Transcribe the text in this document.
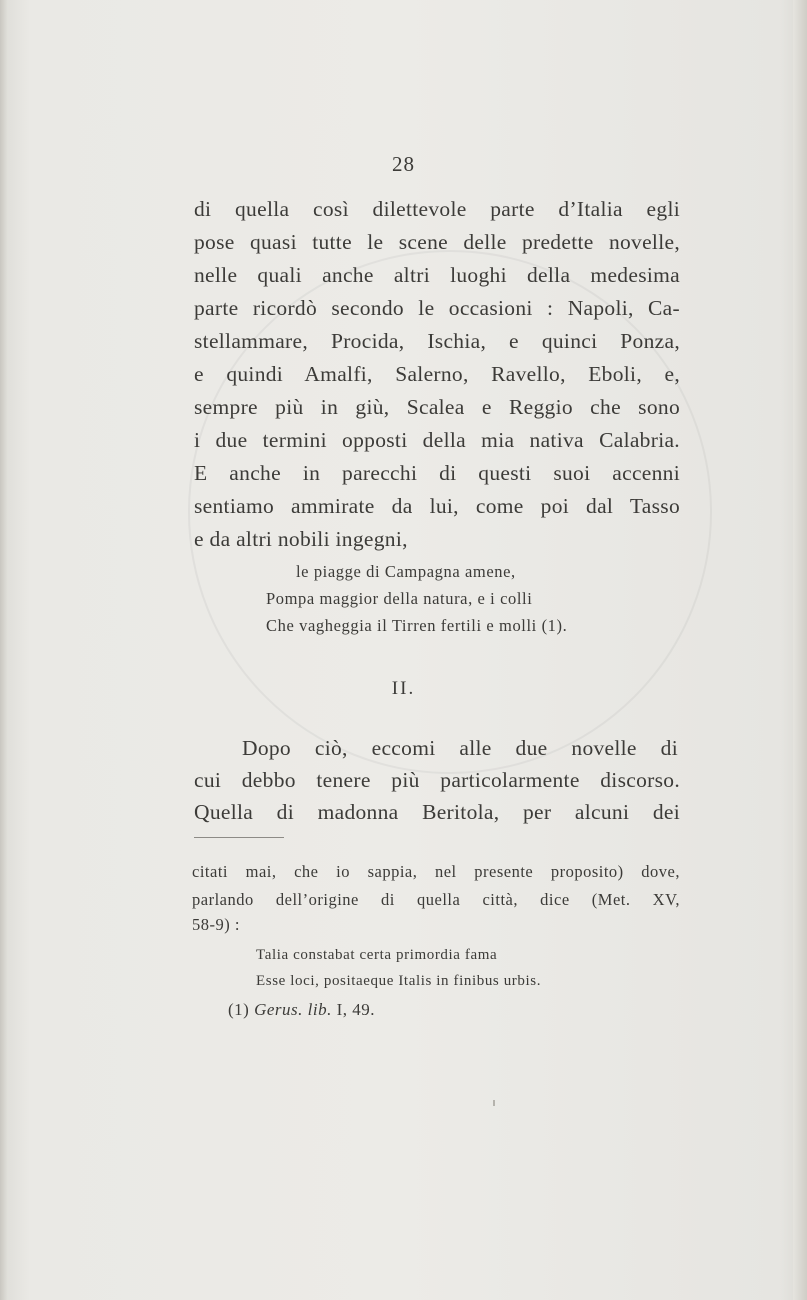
28
di quella così dilettevole parte d’Italia egli
pose quasi tutte le scene delle predette novelle,
nelle quali anche altri luoghi della medesima
parte ricordò secondo le occasioni : Napoli, Ca-
stellammare, Procida, Ischia, e quinci Ponza,
e quindi Amalfi, Salerno, Ravello, Eboli, e,
sempre più in giù, Scalea e Reggio che sono
i due termini opposti della mia nativa Calabria.
E anche in parecchi di questi suoi accenni
sentiamo ammirate da lui, come poi dal Tasso
e da altri nobili ingegni,
le piagge di Campagna amene,
Pompa maggior della natura, e i colli
Che vagheggia il Tirren fertili e molli (1).
II.
Dopo ciò, eccomi alle due novelle di
cui debbo tenere più particolarmente discorso.
Quella di madonna Beritola, per alcuni dei
citati mai, che io sappia, nel presente proposito) dove,
parlando dell’origine di quella città, dice (Met. XV,
58-9) :
Talia constabat certa primordia fama
Esse loci, positaeque Italis in finibus urbis.
(1) Gerus. lib. I, 49.
